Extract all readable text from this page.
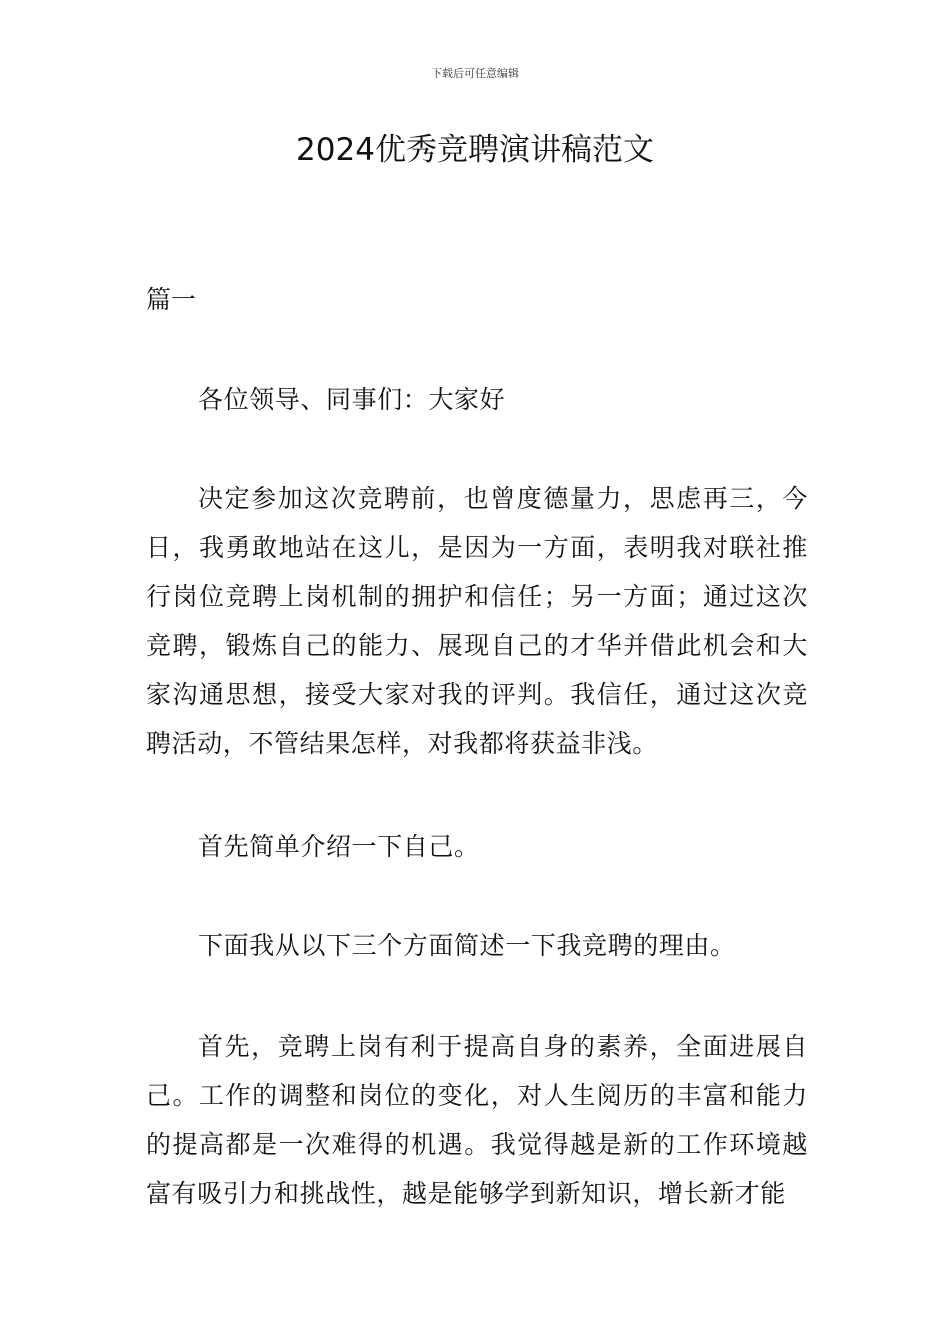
下载后可任意编辑
2024优秀竞聘演讲稿范文

篇一

各位领导、同事们：大家好

决定参加这次竞聘前，也曾度德量力，思虑再三，今日，我勇敢地站在这儿，是因为一方面，表明我对联社推行岗位竞聘上岗机制的拥护和信任；另一方面；通过这次竞聘，锻炼自己的能力、展现自己的才华并借此机会和大家沟通思想，接受大家对我的评判。我信任，通过这次竞聘活动，不管结果怎样，对我都将获益非浅。

首先简单介绍一下自己。

下面我从以下三个方面简述一下我竞聘的理由。

首先，竞聘上岗有利于提高自身的素养，全面进展自己。工作的调整和岗位的变化，对人生阅历的丰富和能力的提高都是一次难得的机遇。我觉得越是新的工作环境越富有吸引力和挑战性，越是能够学到新知识，增长新才能
